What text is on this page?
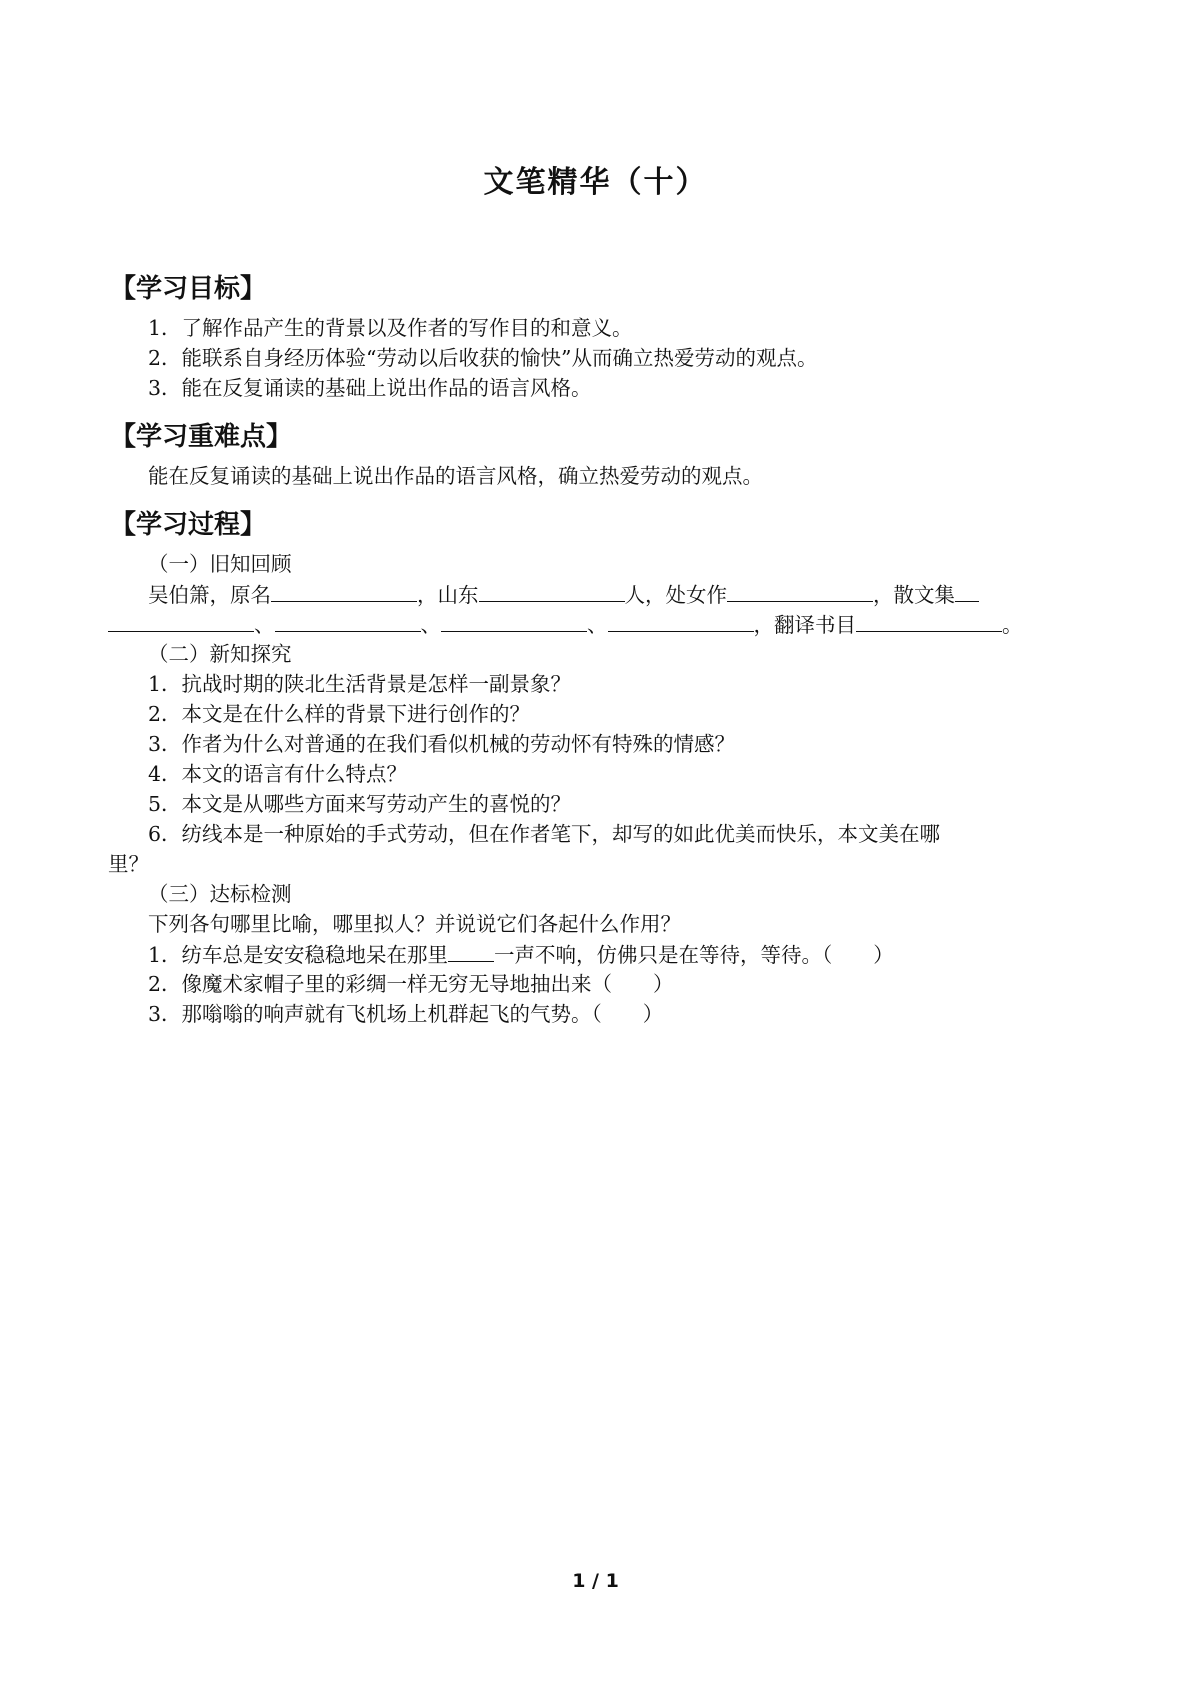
文笔精华（十）
【学习目标】
1．了解作品产生的背景以及作者的写作目的和意义。
2．能联系自身经历体验“劳动以后收获的愉快”从而确立热爱劳动的观点。
3．能在反复诵读的基础上说出作品的语言风格。
【学习重难点】
能在反复诵读的基础上说出作品的语言风格，确立热爱劳动的观点。
【学习过程】
（一）旧知回顾
吴伯箫，原名	，山东	人，处女作	，散文集
、	、	、	，翻译书目	。
（二）新知探究
1．抗战时期的陕北生活背景是怎样一副景象？
2．本文是在什么样的背景下进行创作的？
3．作者为什么对普通的在我们看似机械的劳动怀有特殊的情感？
4．本文的语言有什么特点？
5．本文是从哪些方面来写劳动产生的喜悦的？
6．纺线本是一种原始的手式劳动，但在作者笔下，却写的如此优美而快乐，本文美在哪
里？
（三）达标检测
下列各句哪里比喻，哪里拟人？并说说它们各起什么作用？
1．纺车总是安安稳稳地呆在那里 一声不响，仿佛只是在等待，等待。（　　）
2．像魔术家帽子里的彩绸一样无穷无导地抽出来（　　）
3．那嗡嗡的响声就有飞机场上机群起飞的气势。（　　）
1 / 1
